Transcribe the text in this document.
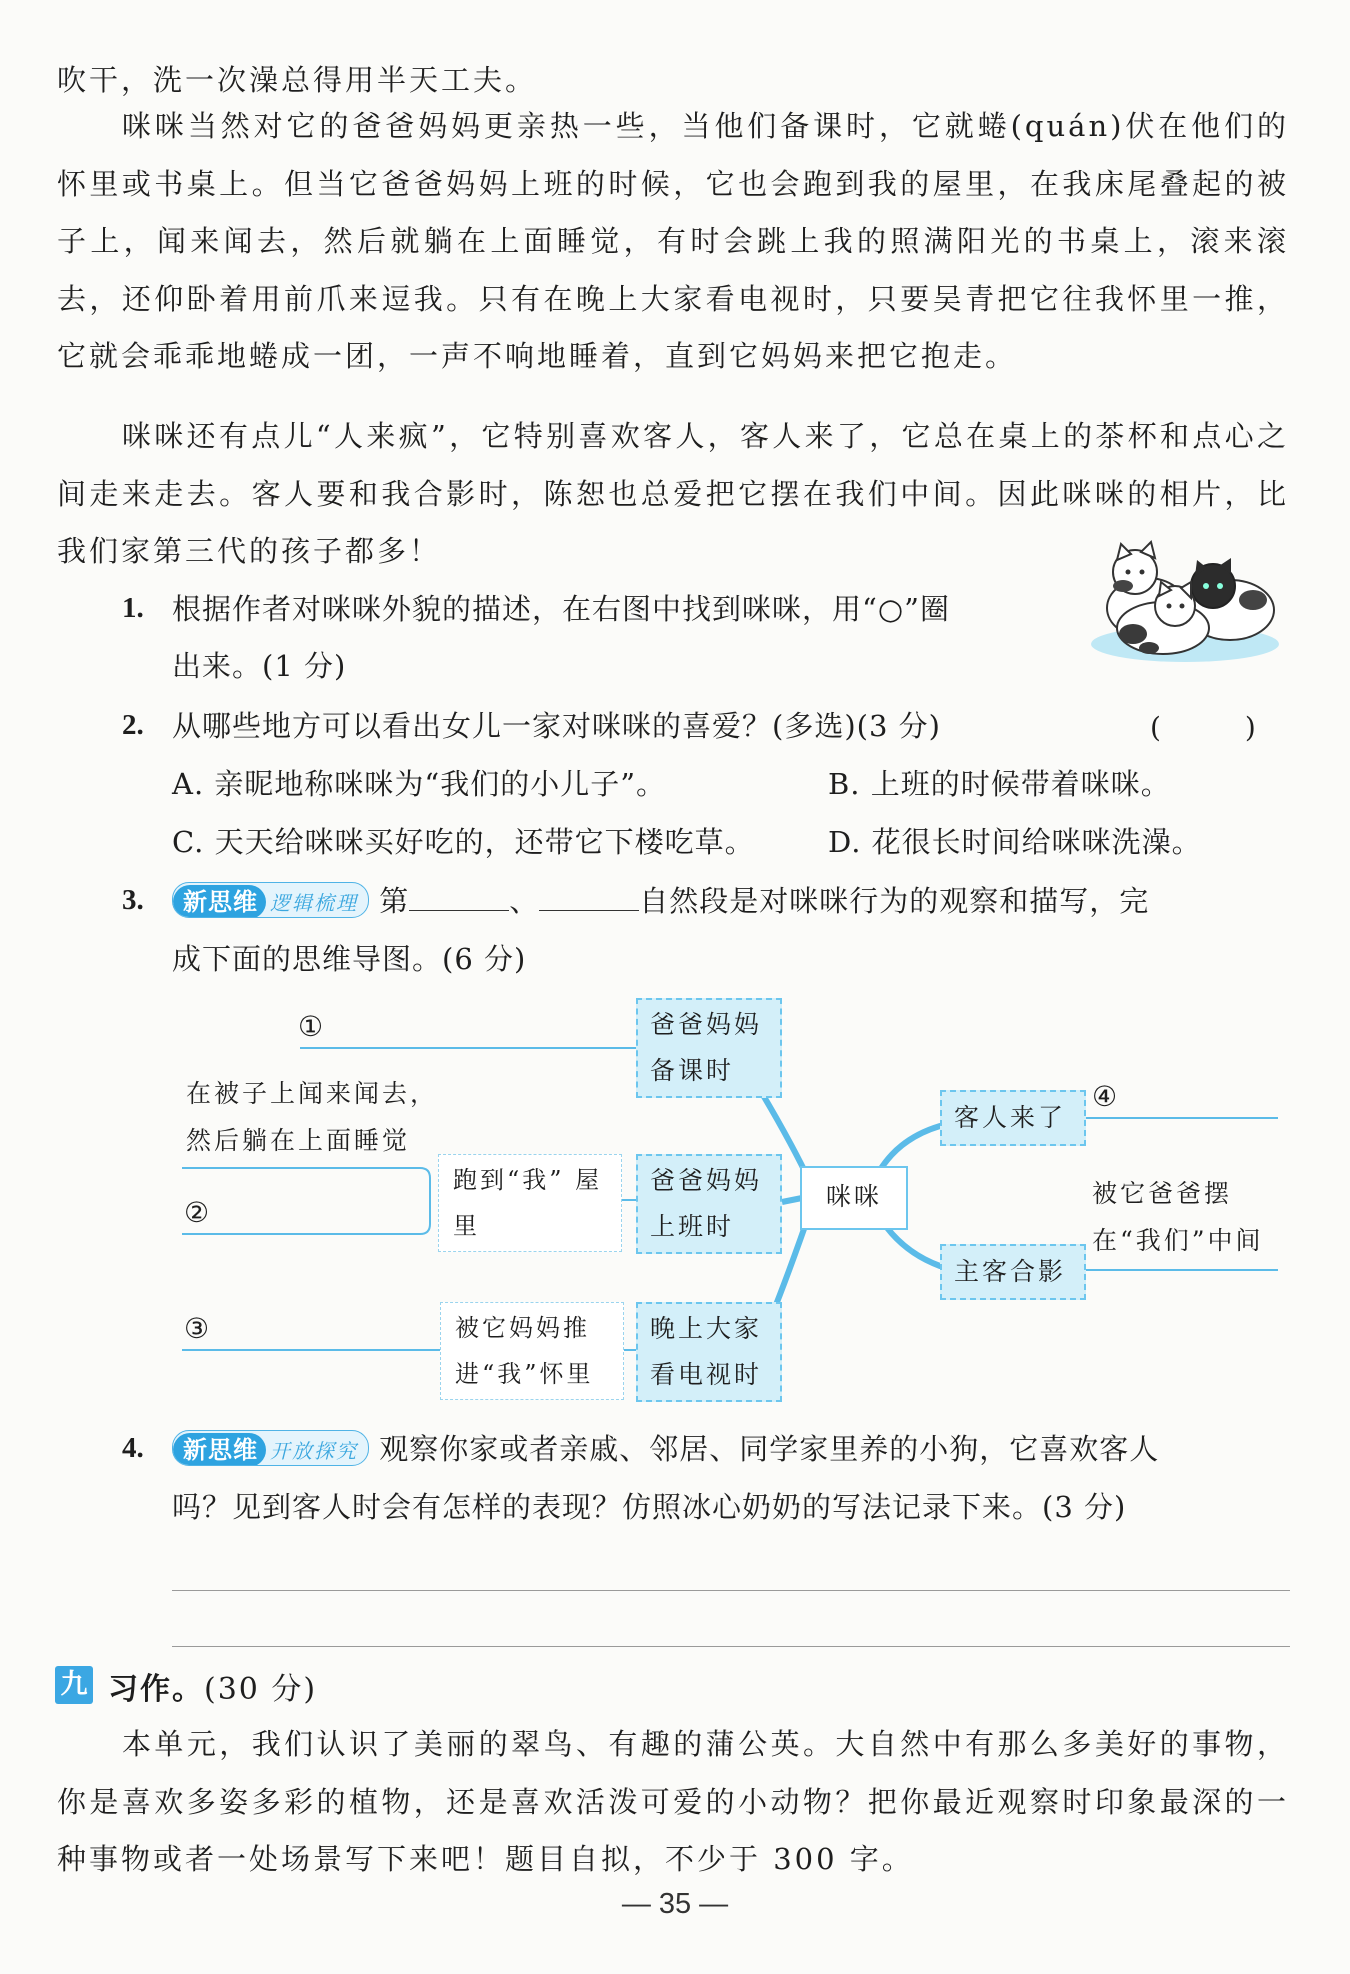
吹干，洗一次澡总得用半天工夫。

咪咪当然对它的爸爸妈妈更亲热一些，当他们备课时，它就蜷(quán)伏在他们的怀里或书桌上。但当它爸爸妈妈上班的时候，它也会跑到我的屋里，在我床尾叠起的被子上，闻来闻去，然后就躺在上面睡觉，有时会跳上我的照满阳光的书桌上，滚来滚去，还仰卧着用前爪来逗我。只有在晚上大家看电视时，只要吴青把它往我怀里一推，它就会乖乖地蜷成一团，一声不响地睡着，直到它妈妈来把它抱走。

咪咪还有点儿“人来疯”，它特别喜欢客人，客人来了，它总在桌上的茶杯和点心之间走来走去。客人要和我合影时，陈恕也总爱把它摆在我们中间。因此咪咪的相片，比我们家第三代的孩子都多！

1. 根据作者对咪咪外貌的描述，在右图中找到咪咪，用“○”圈
出来。(1 分)
2. 从哪些地方可以看出女儿一家对咪咪的喜爱？(多选)(3 分)	(　　　)
A. 亲昵地称咪咪为“我们的小儿子”。	B. 上班的时候带着咪咪。
C. 天天给咪咪买好吃的，还带它下楼吃草。	D. 花很长时间给咪咪洗澡。
3.	新思维 逻辑梳理 第	、	自然段是对咪咪行为的观察和描写，完
成下面的思维导图。(6 分)
①
②
③
④
爸爸妈妈 备课时
爸爸妈妈 上班时
晚上大家 看电视时
咪咪
客人来了
主客合影
跑到“我” 屋里
被它妈妈推 进“我”怀里
在被子上闻来闻去，
然后躺在上面睡觉
被它爸爸摆
在“我们”中间
4.	新思维 开放探究 观察你家或者亲戚、邻居、同学家里养的小狗，它喜欢客人
吗？见到客人时会有怎样的表现？仿照冰心奶奶的写法记录下来。(3 分)
九 习作。(30 分)

本单元，我们认识了美丽的翠鸟、有趣的蒲公英。大自然中有那么多美好的事物，你是喜欢多姿多彩的植物，还是喜欢活泼可爱的小动物？把你最近观察时印象最深的一种事物或者一处场景写下来吧！题目自拟，不少于 300 字。

— 35 —
